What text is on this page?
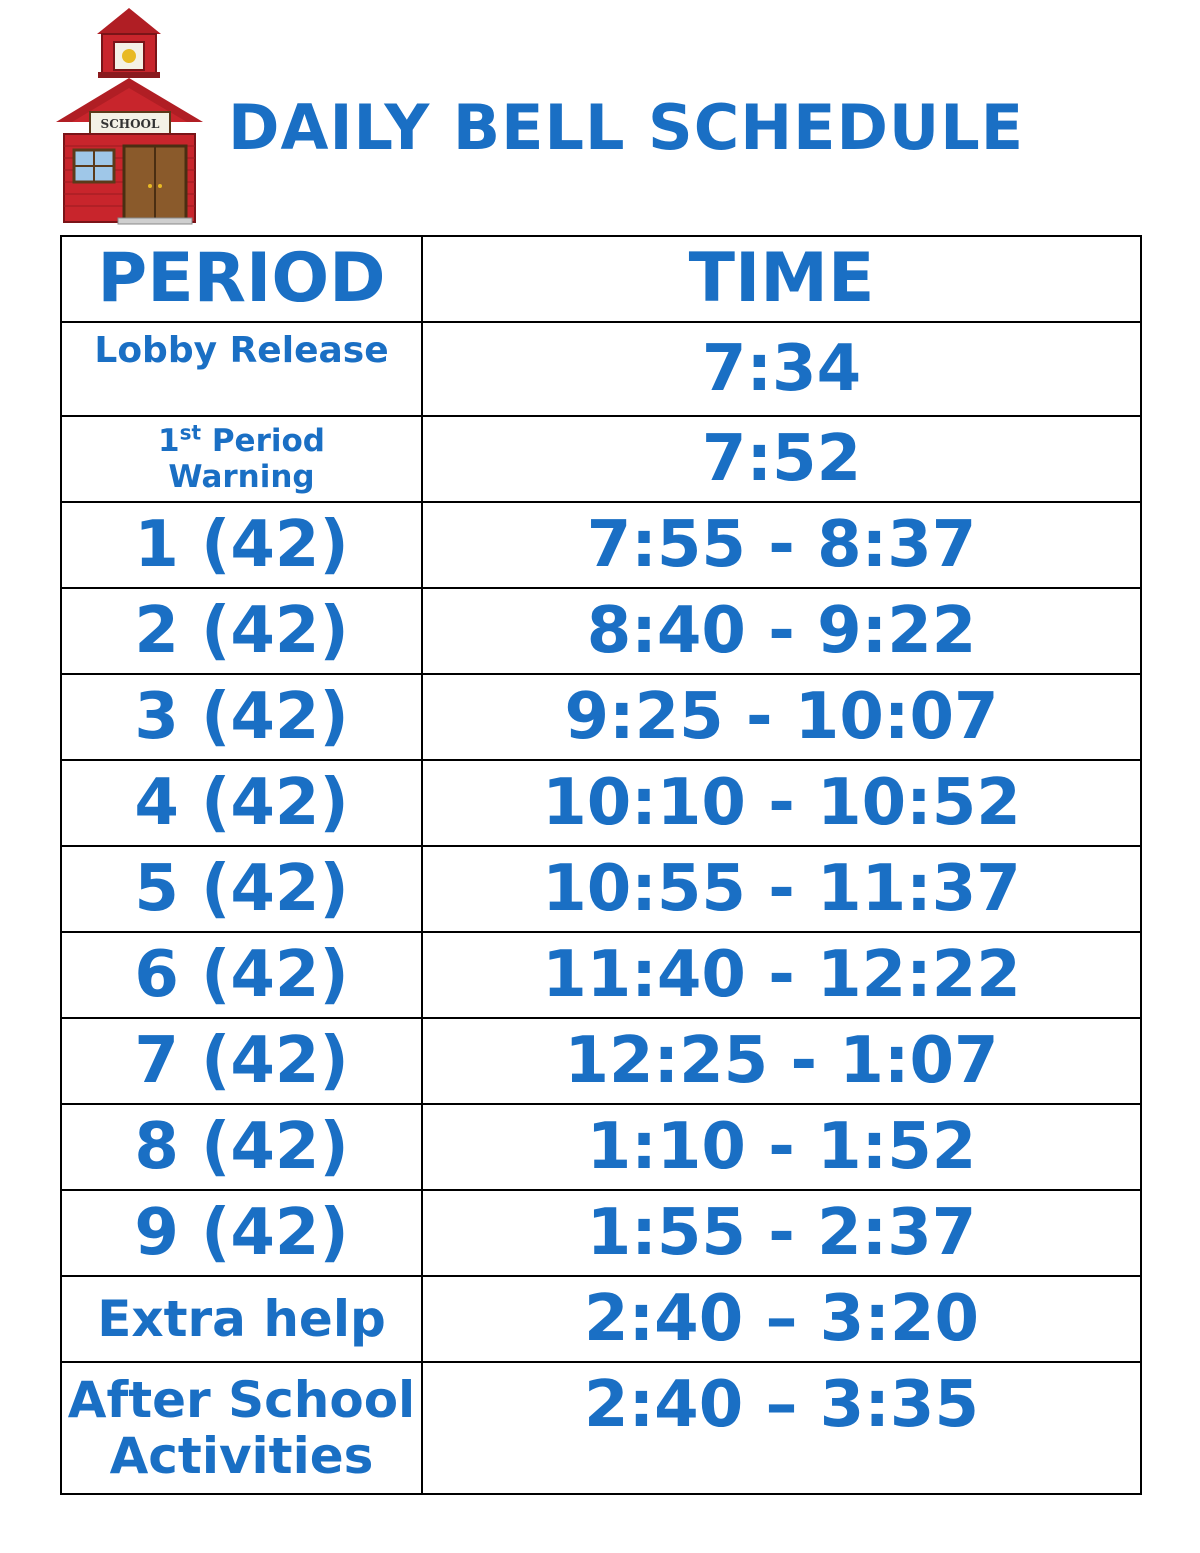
SCHOOL DAILY BELL SCHEDULE
PERIOD	TIME
Lobby Release	7:34
1st Period
Warning	7:52
1 (42)	7:55 - 8:37
2 (42)	8:40 - 9:22
3 (42)	9:25 - 10:07
4 (42)	10:10 - 10:52
5 (42)	10:55 - 11:37
6 (42)	11:40 - 12:22
7 (42)	12:25 - 1:07
8 (42)	1:10 - 1:52
9 (42)	1:55 - 2:37
Extra help	2:40 – 3:20
After School
Activities	2:40 – 3:35
